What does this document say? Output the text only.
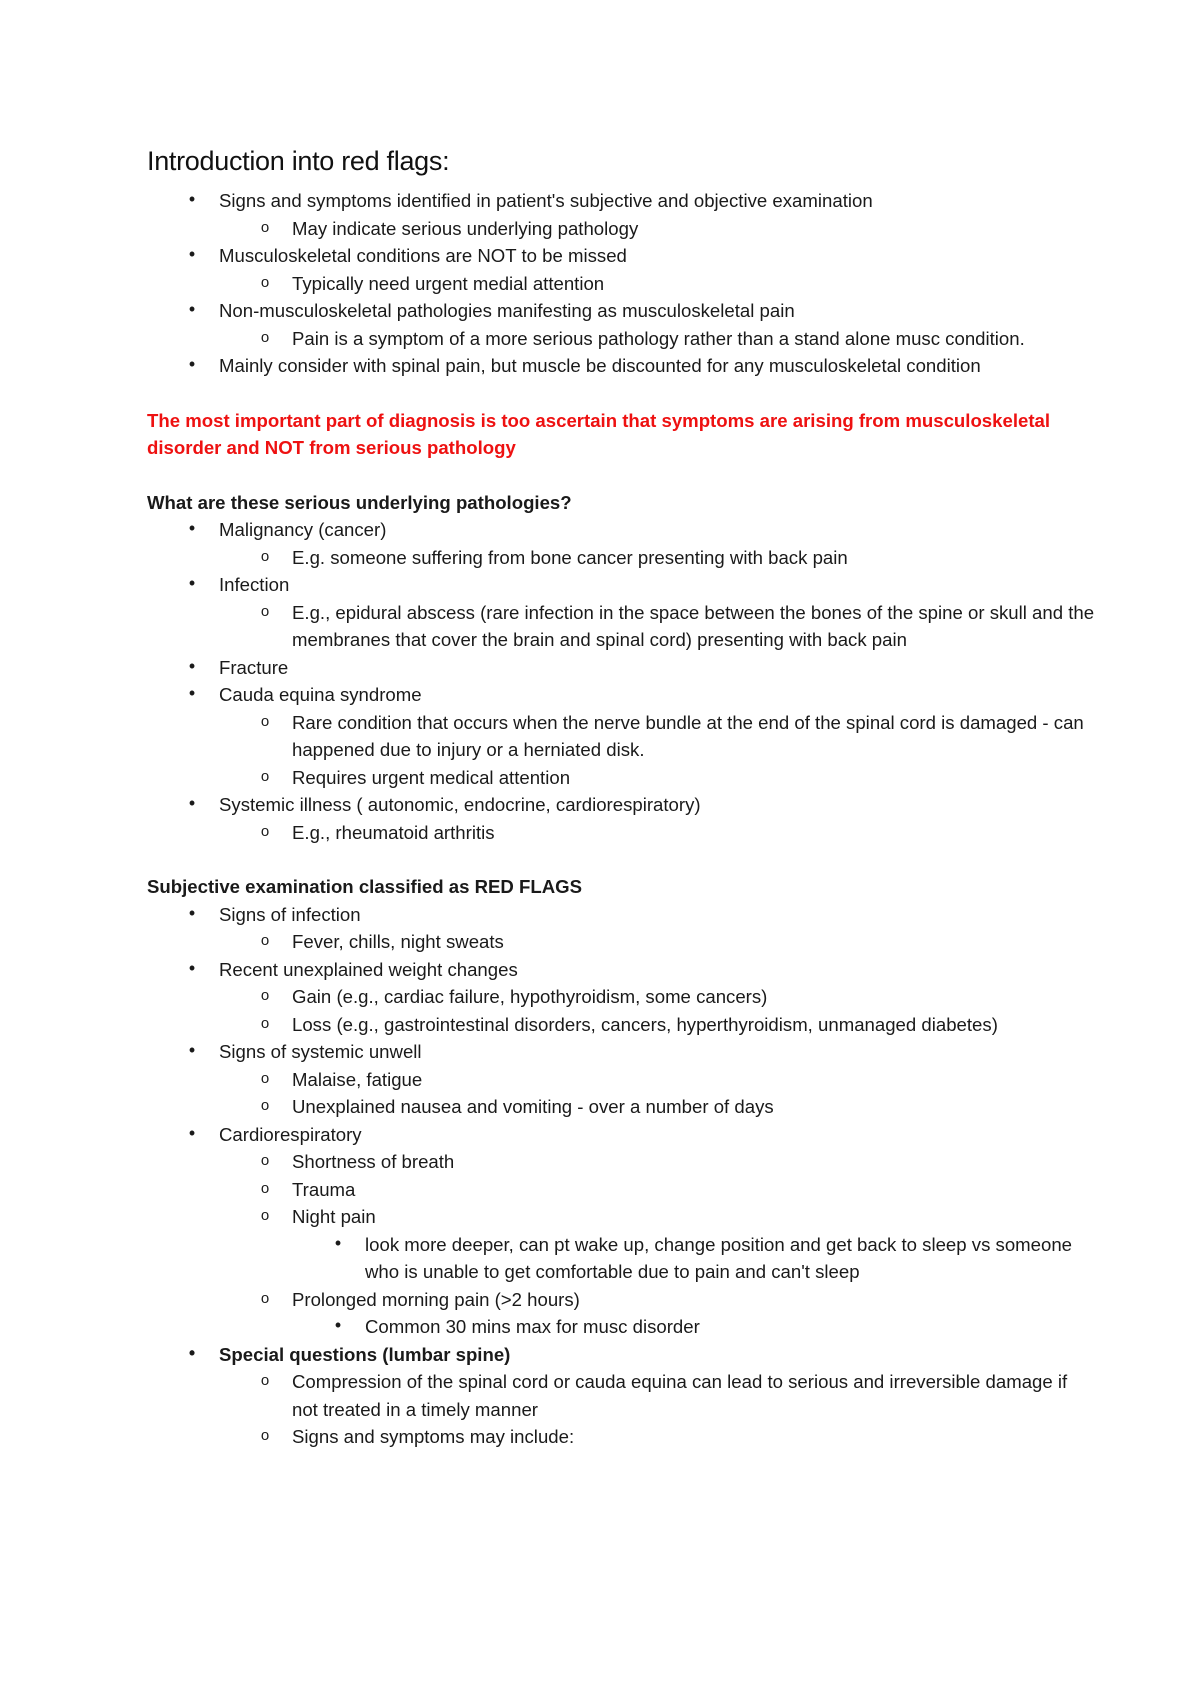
Introduction into red flags:
•	Signs and symptoms identified in patient's subjective and objective examination
o	May indicate serious underlying pathology
•	Musculoskeletal conditions are NOT to be missed
o	Typically need urgent medial attention
•	Non-musculoskeletal pathologies manifesting as musculoskeletal pain
o	Pain is a symptom of a more serious pathology rather than a stand alone musc condition.
•	Mainly consider with spinal pain, but muscle be discounted for any musculoskeletal condition
The most important part of diagnosis is too ascertain that symptoms are arising from musculoskeletal disorder and NOT from serious pathology
What are these serious underlying pathologies?
•	Malignancy (cancer)
o	E.g. someone suffering from bone cancer presenting with back pain
•	Infection
o	E.g., epidural abscess (rare infection in the space between the bones of the spine or skull and the membranes that cover the brain and spinal cord) presenting with back pain
•	Fracture
•	Cauda equina syndrome
o	Rare condition that occurs when the nerve bundle at the end of the spinal cord is damaged - can happened due to injury or a herniated disk.
o	Requires urgent medical attention
•	Systemic illness ( autonomic, endocrine, cardiorespiratory)
o	E.g., rheumatoid arthritis
Subjective examination classified as RED FLAGS
•	Signs of infection
o	Fever, chills, night sweats
•	Recent unexplained weight changes
o	Gain (e.g., cardiac failure, hypothyroidism, some cancers)
o	Loss (e.g., gastrointestinal disorders, cancers, hyperthyroidism, unmanaged diabetes)
•	Signs of systemic unwell
o	Malaise, fatigue
o	Unexplained nausea and vomiting - over a number of days
•	Cardiorespiratory
o	Shortness of breath
o	Trauma
o	Night pain
•	look more deeper, can pt wake up, change position and get back to sleep vs someone who is unable to get comfortable due to pain and can't sleep
o	Prolonged morning pain (>2 hours)
•	Common 30 mins max for musc disorder
•	Special questions (lumbar spine)
o	Compression of the spinal cord or cauda equina can lead to serious and irreversible damage if not treated in a timely manner
o	Signs and symptoms may include:
